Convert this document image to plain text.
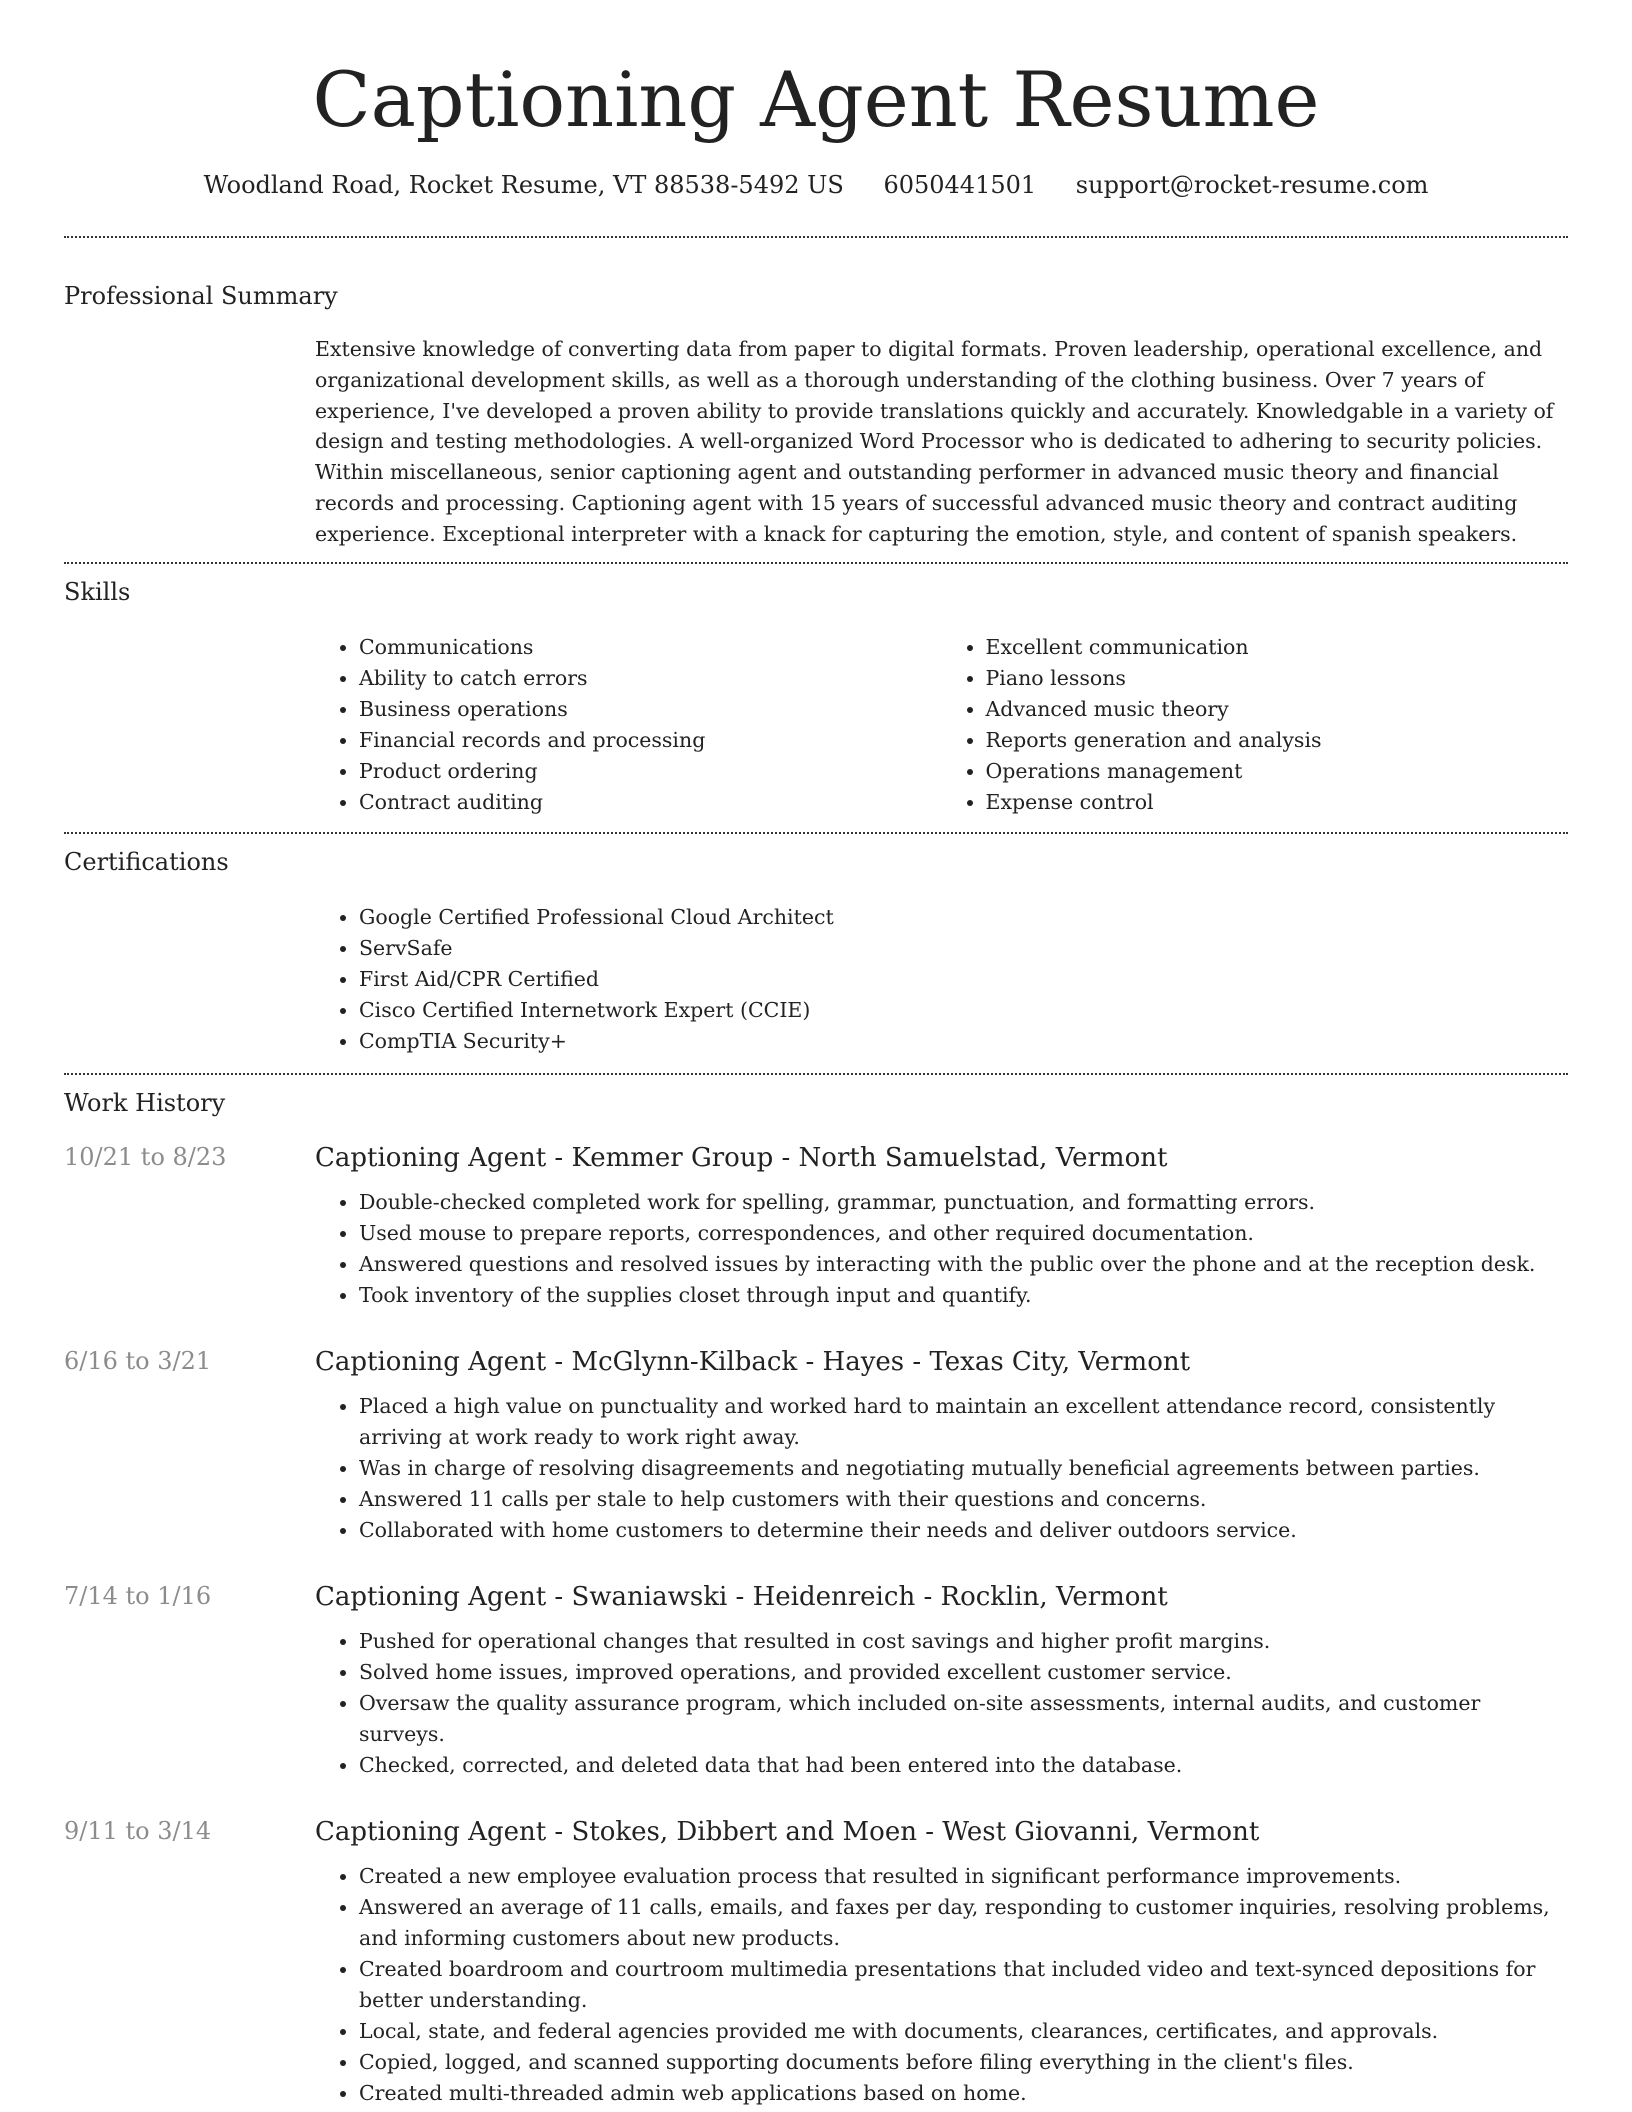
Captioning Agent Resume
Woodland Road, Rocket Resume, VT 88538-5492 US 6050441501 support@rocket-resume.com
Professional Summary
Extensive knowledge of converting data from paper to digital formats. Proven leadership, operational excellence, and organizational development skills, as well as a thorough understanding of the clothing business. Over 7 years of experience, I've developed a proven ability to provide translations quickly and accurately. Knowledgable in a variety of design and testing methodologies. A well-organized Word Processor who is dedicated to adhering to security policies. Within miscellaneous, senior captioning agent and outstanding performer in advanced music theory and financial records and processing. Captioning agent with 15 years of successful advanced music theory and contract auditing experience. Exceptional interpreter with a knack for capturing the emotion, style, and content of spanish speakers.
Skills
• Communications
• Ability to catch errors
• Business operations
• Financial records and processing
• Product ordering
• Contract auditing
• Excellent communication
• Piano lessons
• Advanced music theory
• Reports generation and analysis
• Operations management
• Expense control
Certifications
• Google Certified Professional Cloud Architect
• ServSafe
• First Aid/CPR Certified
• Cisco Certified Internetwork Expert (CCIE)
• CompTIA Security+
Work History
10/21 to 8/23	Captioning Agent - Kemmer Group - North Samuelstad, Vermont
• Double-checked completed work for spelling, grammar, punctuation, and formatting errors.
• Used mouse to prepare reports, correspondences, and other required documentation.
• Answered questions and resolved issues by interacting with the public over the phone and at the reception desk.
• Took inventory of the supplies closet through input and quantify.
6/16 to 3/21	Captioning Agent - McGlynn-Kilback - Hayes - Texas City, Vermont
• Placed a high value on punctuality and worked hard to maintain an excellent attendance record, consistently arriving at work ready to work right away.
• Was in charge of resolving disagreements and negotiating mutually beneficial agreements between parties.
• Answered 11 calls per stale to help customers with their questions and concerns.
• Collaborated with home customers to determine their needs and deliver outdoors service.
7/14 to 1/16	Captioning Agent - Swaniawski - Heidenreich - Rocklin, Vermont
• Pushed for operational changes that resulted in cost savings and higher profit margins.
• Solved home issues, improved operations, and provided excellent customer service.
• Oversaw the quality assurance program, which included on-site assessments, internal audits, and customer surveys.
• Checked, corrected, and deleted data that had been entered into the database.
9/11 to 3/14	Captioning Agent - Stokes, Dibbert and Moen - West Giovanni, Vermont
• Created a new employee evaluation process that resulted in significant performance improvements.
• Answered an average of 11 calls, emails, and faxes per day, responding to customer inquiries, resolving problems, and informing customers about new products.
• Created boardroom and courtroom multimedia presentations that included video and text-synced depositions for better understanding.
• Local, state, and federal agencies provided me with documents, clearances, certificates, and approvals.
• Copied, logged, and scanned supporting documents before filing everything in the client's files.
• Created multi-threaded admin web applications based on home.
